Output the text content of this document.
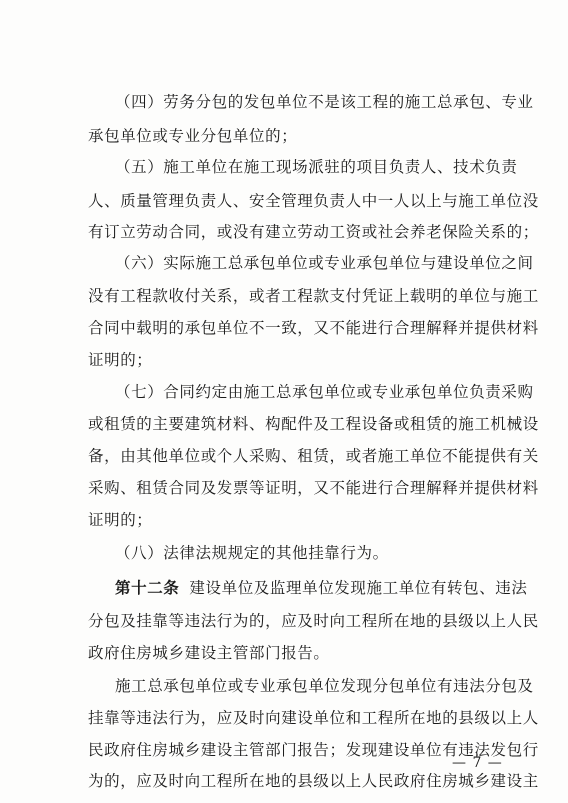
（四）劳务分包的发包单位不是该工程的施工总承包、专业
承包单位或专业分包单位的；
（五）施工单位在施工现场派驻的项目负责人、技术负责
人、质量管理负责人、安全管理负责人中一人以上与施工单位没
有订立劳动合同，或没有建立劳动工资或社会养老保险关系的；
（六）实际施工总承包单位或专业承包单位与建设单位之间
没有工程款收付关系，或者工程款支付凭证上载明的单位与施工
合同中载明的承包单位不一致，又不能进行合理解释并提供材料
证明的；
（七）合同约定由施工总承包单位或专业承包单位负责采购
或租赁的主要建筑材料、构配件及工程设备或租赁的施工机械设
备，由其他单位或个人采购、租赁，或者施工单位不能提供有关
采购、租赁合同及发票等证明，又不能进行合理解释并提供材料
证明的；
（八）法律法规规定的其他挂靠行为。
第十二条 建设单位及监理单位发现施工单位有转包、违法
分包及挂靠等违法行为的，应及时向工程所在地的县级以上人民
政府住房城乡建设主管部门报告。
施工总承包单位或专业承包单位发现分包单位有违法分包及
挂靠等违法行为，应及时向建设单位和工程所在地的县级以上人
民政府住房城乡建设主管部门报告；发现建设单位有违法发包行
为的，应及时向工程所在地的县级以上人民政府住房城乡建设主
— 7 —
